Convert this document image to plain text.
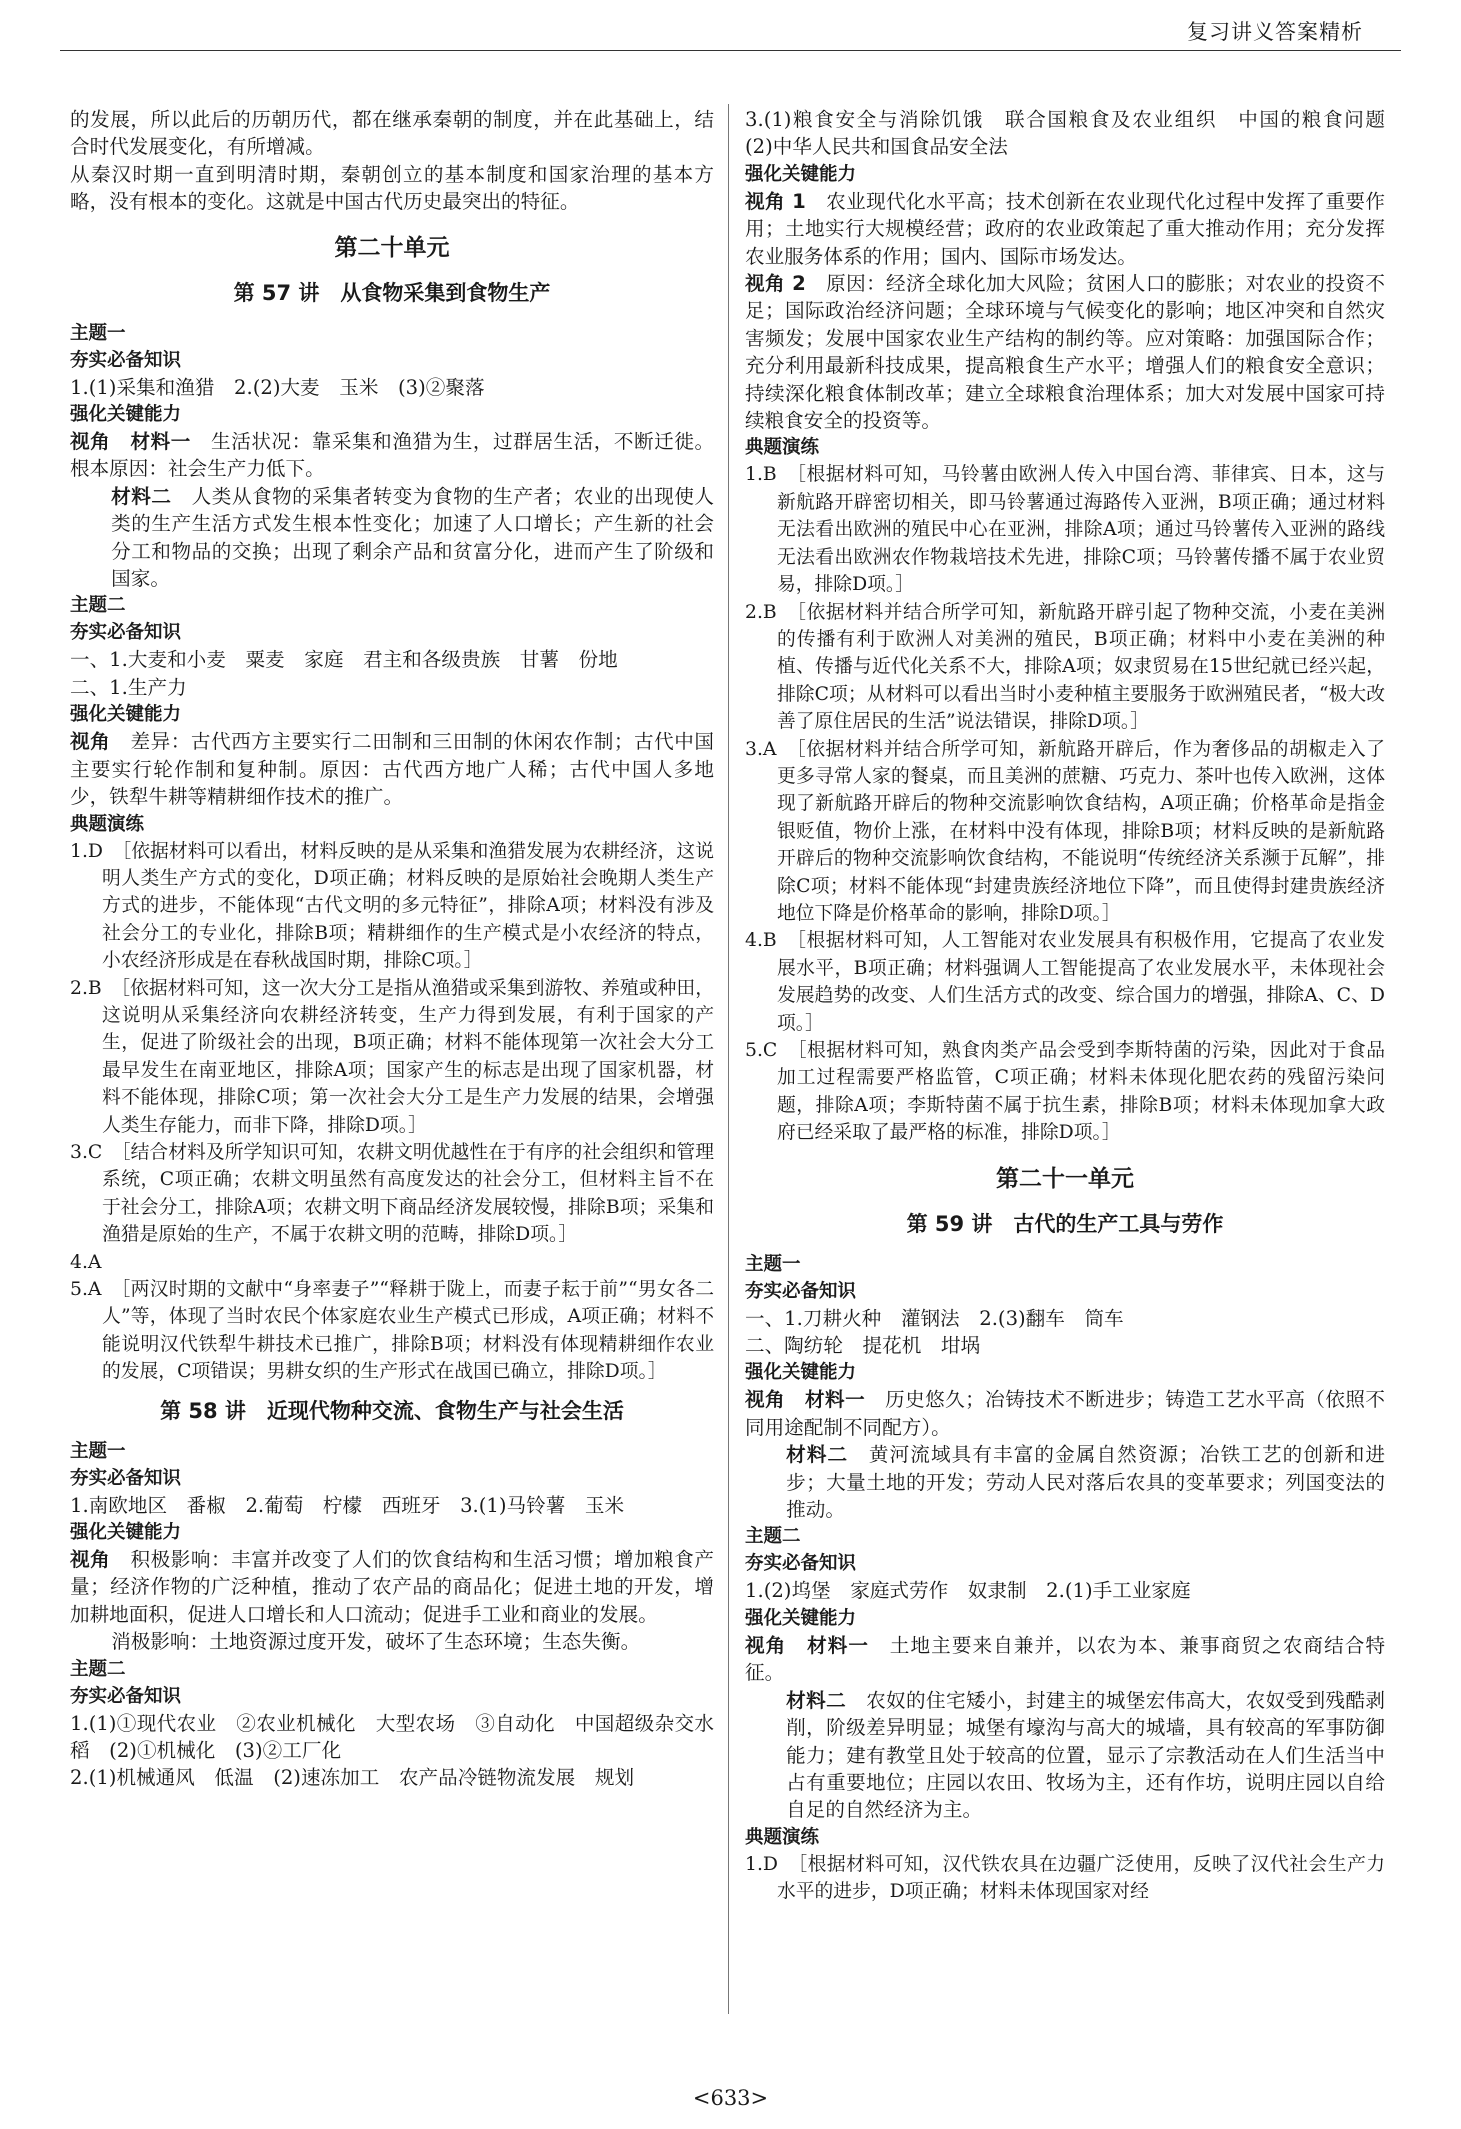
复习讲义答案精析

的发展，所以此后的历朝历代，都在继承秦朝的制度，并在此基础上，结合时代发展变化，有所增减。

从秦汉时期一直到明清时期，秦朝创立的基本制度和国家治理的基本方略，没有根本的变化。这就是中国古代历史最突出的特征。

第二十单元
第 57 讲　从食物采集到食物生产
主题一
夯实必备知识

1.(1)采集和渔猎　2.(2)大麦　玉米　(3)②聚落

强化关键能力

视角　 材料一　 生活状况：靠采集和渔猎为生，过群居生活，不断迁徙。根本原因：社会生产力低下。

材料二　 人类从食物的采集者转变为食物的生产者；农业的出现使人类的生产生活方式发生根本性变化；加速了人口增长；产生新的社会分工和物品的交换；出现了剩余产品和贫富分化，进而产生了阶级和国家。

主题二
夯实必备知识

一、1.大麦和小麦　粟麦　家庭　君主和各级贵族　甘薯　份地

二、1.生产力

强化关键能力

视角　 差异：古代西方主要实行二田制和三田制的休闲农作制；古代中国主要实行轮作制和复种制。原因：古代西方地广人稀；古代中国人多地少，铁犁牛耕等精耕细作技术的推广。

典题演练

1.D　 ［依据材料可以看出，材料反映的是从采集和渔猎发展为农耕经济，这说明人类生产方式的变化，D项正确；材料反映的是原始社会晚期人类生产方式的进步，不能体现“古代文明的多元特征”，排除A项；材料没有涉及社会分工的专业化，排除B项；精耕细作的生产模式是小农经济的特点，小农经济形成是在春秋战国时期，排除C项。］

2.B　 ［依据材料可知，这一次大分工是指从渔猎或采集到游牧、养殖或种田，这说明从采集经济向农耕经济转变，生产力得到发展，有利于国家的产生，促进了阶级社会的出现，B项正确；材料不能体现第一次社会大分工最早发生在南亚地区，排除A项；国家产生的标志是出现了国家机器，材料不能体现，排除C项；第一次社会大分工是生产力发展的结果，会增强人类生存能力，而非下降，排除D项。］

3.C　 ［结合材料及所学知识可知，农耕文明优越性在于有序的社会组织和管理系统，C项正确；农耕文明虽然有高度发达的社会分工，但材料主旨不在于社会分工，排除A项；农耕文明下商品经济发展较慢，排除B项；采集和渔猎是原始的生产，不属于农耕文明的范畴，排除D项。］

4.A

5.A　 ［两汉时期的文献中“身率妻子”“释耕于陇上，而妻子耘于前”“男女各二人”等，体现了当时农民个体家庭农业生产模式已形成，A项正确；材料不能说明汉代铁犁牛耕技术已推广，排除B项；材料没有体现精耕细作农业的发展，C项错误；男耕女织的生产形式在战国已确立，排除D项。］

第 58 讲　近现代物种交流、食物生产与社会生活
主题一
夯实必备知识

1.南欧地区　番椒　2.葡萄　柠檬　西班牙　3.(1)马铃薯　玉米

强化关键能力

视角　 积极影响：丰富并改变了人们的饮食结构和生活习惯；增加粮食产量；经济作物的广泛种植，推动了农产品的商品化；促进土地的开发，增加耕地面积，促进人口增长和人口流动；促进手工业和商业的发展。

消极影响：土地资源过度开发，破坏了生态环境；生态失衡。

主题二
夯实必备知识

1.(1)①现代农业　②农业机械化　大型农场　③自动化　中国超级杂交水稻　(2)①机械化　(3)②工厂化

2.(1)机械通风　低温　(2)速冻加工　农产品冷链物流发展　规划

3.(1)粮食安全与消除饥饿　联合国粮食及农业组织　中国的粮食问题　(2)中华人民共和国食品安全法

强化关键能力

视角 1　 农业现代化水平高；技术创新在农业现代化过程中发挥了重要作用；土地实行大规模经营；政府的农业政策起了重大推动作用；充分发挥农业服务体系的作用；国内、国际市场发达。

视角 2　 原因：经济全球化加大风险；贫困人口的膨胀；对农业的投资不足；国际政治经济问题；全球环境与气候变化的影响；地区冲突和自然灾害频发；发展中国家农业生产结构的制约等。应对策略：加强国际合作；充分利用最新科技成果，提高粮食生产水平；增强人们的粮食安全意识；持续深化粮食体制改革；建立全球粮食治理体系；加大对发展中国家可持续粮食安全的投资等。

典题演练

1.B　 ［根据材料可知，马铃薯由欧洲人传入中国台湾、菲律宾、日本，这与新航路开辟密切相关，即马铃薯通过海路传入亚洲，B项正确；通过材料无法看出欧洲的殖民中心在亚洲，排除A项；通过马铃薯传入亚洲的路线无法看出欧洲农作物栽培技术先进，排除C项；马铃薯传播不属于农业贸易，排除D项。］

2.B　 ［依据材料并结合所学可知，新航路开辟引起了物种交流，小麦在美洲的传播有利于欧洲人对美洲的殖民，B项正确；材料中小麦在美洲的种植、传播与近代化关系不大，排除A项；奴隶贸易在15世纪就已经兴起，排除C项；从材料可以看出当时小麦种植主要服务于欧洲殖民者，“极大改善了原住居民的生活”说法错误，排除D项。］

3.A　 ［依据材料并结合所学可知，新航路开辟后，作为奢侈品的胡椒走入了更多寻常人家的餐桌，而且美洲的蔗糖、巧克力、茶叶也传入欧洲，这体现了新航路开辟后的物种交流影响饮食结构，A项正确；价格革命是指金银贬值，物价上涨，在材料中没有体现，排除B项；材料反映的是新航路开辟后的物种交流影响饮食结构，不能说明“传统经济关系濒于瓦解”，排除C项；材料不能体现“封建贵族经济地位下降”，而且使得封建贵族经济地位下降是价格革命的影响，排除D项。］

4.B　 ［根据材料可知，人工智能对农业发展具有积极作用，它提高了农业发展水平，B项正确；材料强调人工智能提高了农业发展水平，未体现社会发展趋势的改变、人们生活方式的改变、综合国力的增强，排除A、C、D项。］

5.C　 ［根据材料可知，熟食肉类产品会受到李斯特菌的污染，因此对于食品加工过程需要严格监管，C项正确；材料未体现化肥农药的残留污染问题，排除A项；李斯特菌不属于抗生素，排除B项；材料未体现加拿大政府已经采取了最严格的标准，排除D项。］

第二十一单元
第 59 讲　古代的生产工具与劳作
主题一
夯实必备知识

一、1.刀耕火种　灌钢法　2.(3)翻车　筒车

二、陶纺轮　提花机　坩埚

强化关键能力

视角　 材料一　 历史悠久；冶铸技术不断进步；铸造工艺水平高（依照不同用途配制不同配方）。

材料二　 黄河流域具有丰富的金属自然资源；冶铁工艺的创新和进步；大量土地的开发；劳动人民对落后农具的变革要求；列国变法的推动。

主题二
夯实必备知识

1.(2)坞堡　家庭式劳作　奴隶制　2.(1)手工业家庭

强化关键能力

视角　 材料一　 土地主要来自兼并，以农为本、兼事商贸之农商结合特征。

材料二　 农奴的住宅矮小，封建主的城堡宏伟高大，农奴受到残酷剥削，阶级差异明显；城堡有壕沟与高大的城墙，具有较高的军事防御能力；建有教堂且处于较高的位置，显示了宗教活动在人们生活当中占有重要地位；庄园以农田、牧场为主，还有作坊，说明庄园以自给自足的自然经济为主。

典题演练

1.D　 ［根据材料可知，汉代铁农具在边疆广泛使用，反映了汉代社会生产力水平的进步，D项正确；材料未体现国家对经

<633>
